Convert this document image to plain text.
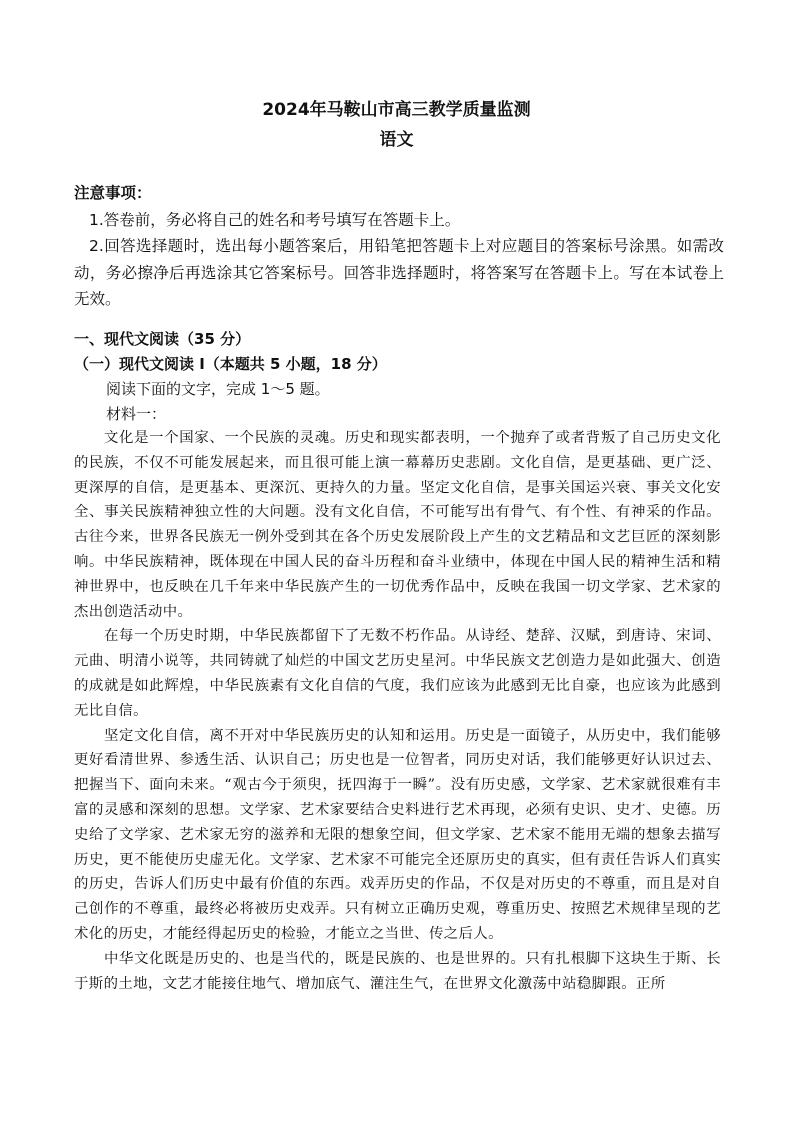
2024年马鞍山市高三教学质量监测
语文
注意事项：

1.答卷前，务必将自己的姓名和考号填写在答题卡上。

2.回答选择题时，选出每小题答案后，用铅笔把答题卡上对应题目的答案标号涂黑。如需改动，务必擦净后再选涂其它答案标号。回答非选择题时，将答案写在答题卡上。写在本试卷上无效。

一、现代文阅读（35 分）
（一）现代文阅读 I（本题共 5 小题，18 分）
阅读下面的文字，完成 1～5 题。
材料一：

文化是一个国家、一个民族的灵魂。历史和现实都表明，一个抛弃了或者背叛了自己历史文化的民族，不仅不可能发展起来，而且很可能上演一幕幕历史悲剧。文化自信，是更基础、更广泛、更深厚的自信，是更基本、更深沉、更持久的力量。坚定文化自信，是事关国运兴衰、事关文化安全、事关民族精神独立性的大问题。没有文化自信，不可能写出有骨气、有个性、有神采的作品。古往今来，世界各民族无一例外受到其在各个历史发展阶段上产生的文艺精品和文艺巨匠的深刻影响。中华民族精神，既体现在中国人民的奋斗历程和奋斗业绩中，体现在中国人民的精神生活和精神世界中，也反映在几千年来中华民族产生的一切优秀作品中，反映在我国一切文学家、艺术家的杰出创造活动中。

在每一个历史时期，中华民族都留下了无数不朽作品。从诗经、楚辞、汉赋，到唐诗、宋词、元曲、明清小说等，共同铸就了灿烂的中国文艺历史星河。中华民族文艺创造力是如此强大、创造的成就是如此辉煌，中华民族素有文化自信的气度，我们应该为此感到无比自豪，也应该为此感到无比自信。

坚定文化自信，离不开对中华民族历史的认知和运用。历史是一面镜子，从历史中，我们能够更好看清世界、参透生活、认识自己；历史也是一位智者，同历史对话，我们能够更好认识过去、把握当下、面向未来。“观古今于须臾，抚四海于一瞬”。没有历史感，文学家、艺术家就很难有丰富的灵感和深刻的思想。文学家、艺术家要结合史料进行艺术再现，必须有史识、史才、史德。历史给了文学家、艺术家无穷的滋养和无限的想象空间，但文学家、艺术家不能用无端的想象去描写历史，更不能使历史虚无化。文学家、艺术家不可能完全还原历史的真实，但有责任告诉人们真实的历史，告诉人们历史中最有价值的东西。戏弄历史的作品，不仅是对历史的不尊重，而且是对自己创作的不尊重，最终必将被历史戏弄。只有树立正确历史观，尊重历史、按照艺术规律呈现的艺术化的历史，才能经得起历史的检验，才能立之当世、传之后人。

中华文化既是历史的、也是当代的，既是民族的、也是世界的。只有扎根脚下这块生于斯、长于斯的土地，文艺才能接住地气、增加底气、灌注生气，在世界文化激荡中站稳脚跟。正所
